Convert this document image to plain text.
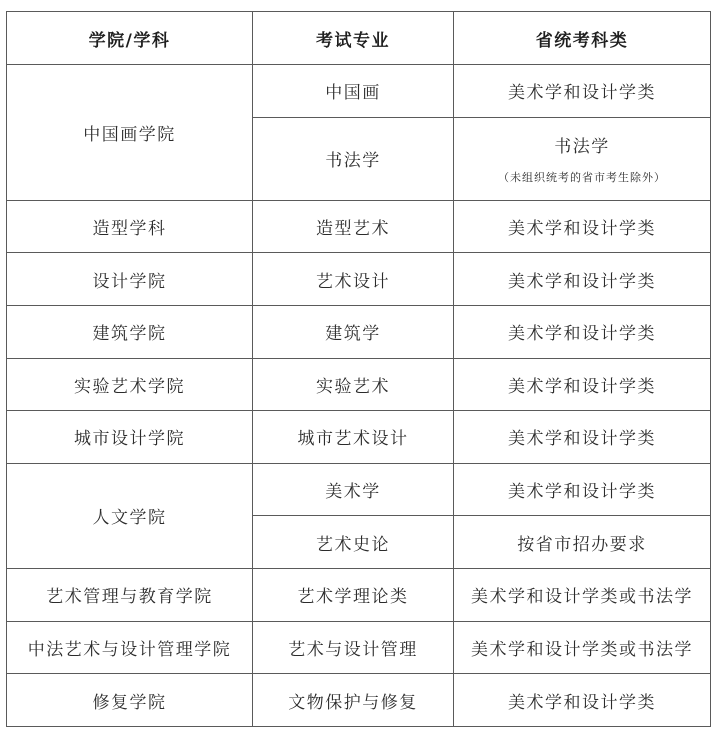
学院/学科	考试专业	省统考科类
中国画学院	中国画	美术学和设计学类
	书法学	书法学
（未组织统考的省市考生除外）

造型学科	造型艺术	美术学和设计学类
设计学院	艺术设计	美术学和设计学类
建筑学院	建筑学	美术学和设计学类
实验艺术学院	实验艺术	美术学和设计学类
城市设计学院	城市艺术设计	美术学和设计学类
人文学院	美术学	美术学和设计学类
	艺术史论	按省市招办要求
艺术管理与教育学院	艺术学理论类	美术学和设计学类或书法学
中法艺术与设计管理学院	艺术与设计管理	美术学和设计学类或书法学
修复学院	文物保护与修复	美术学和设计学类
